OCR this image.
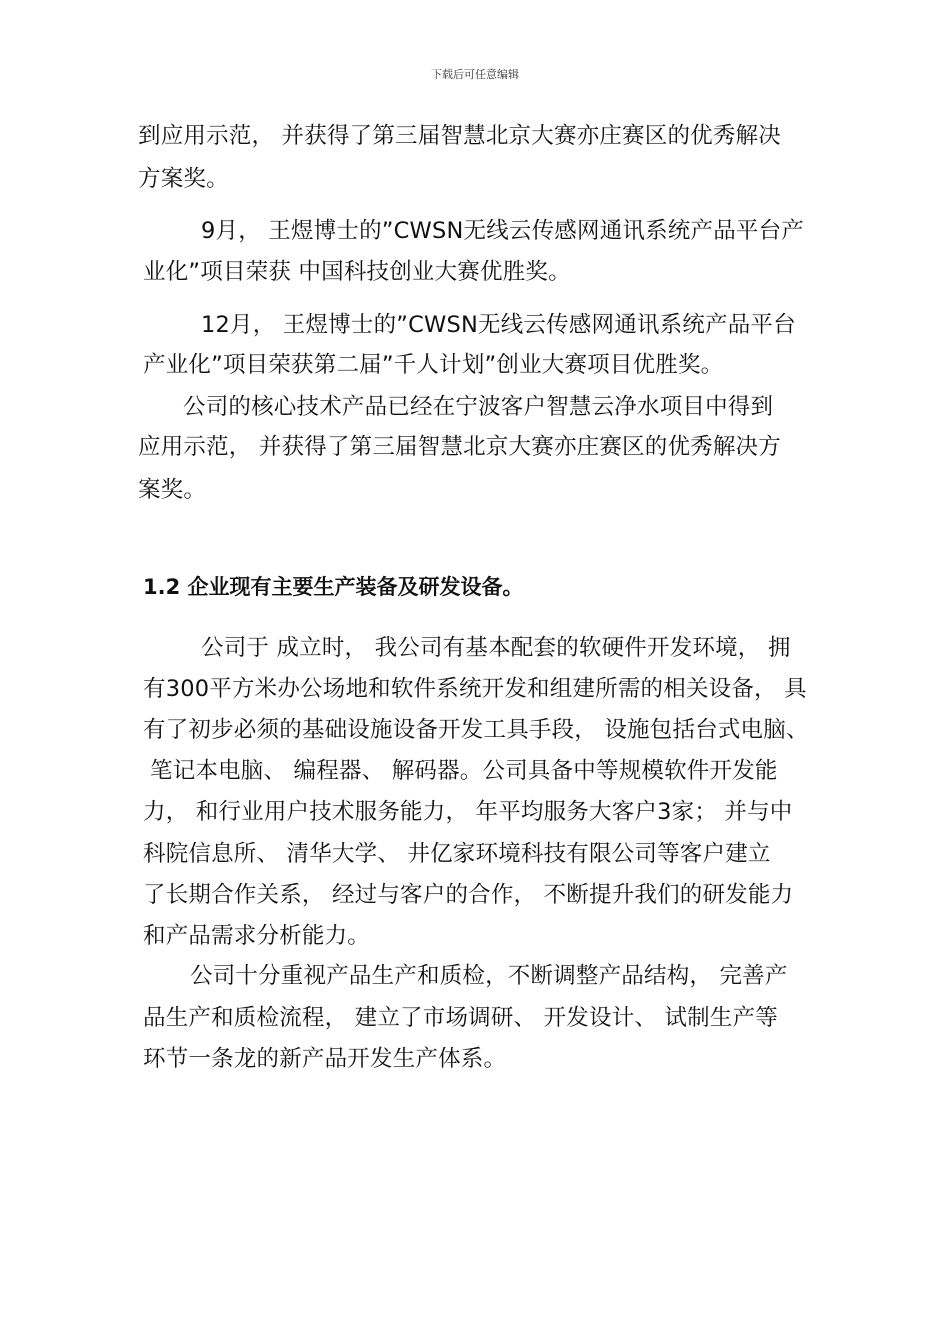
下载后可任意编辑
到应用示范， 并获得了第三届智慧北京大赛亦庄赛区的优秀解决
方案奖。
9月， 王煜博士的”CWSN无线云传感网通讯系统产品平台产
业化”项目荣获 中国科技创业大赛优胜奖。
12月， 王煜博士的”CWSN无线云传感网通讯系统产品平台
产业化”项目荣获第二届”千人计划”创业大赛项目优胜奖。
公司的核心技术产品已经在宁波客户智慧云净水项目中得到
应用示范， 并获得了第三届智慧北京大赛亦庄赛区的优秀解决方
案奖。
1.2 企业现有主要生产装备及研发设备。
公司于 成立时， 我公司有基本配套的软硬件开发环境， 拥
有300平方米办公场地和软件系统开发和组建所需的相关设备， 具
有了初步必须的基础设施设备开发工具手段， 设施包括台式电脑、
笔记本电脑、 编程器、 解码器。公司具备中等规模软件开发能
力， 和行业用户技术服务能力， 年平均服务大客户3家； 并与中
科院信息所、 清华大学、 井亿家环境科技有限公司等客户建立
了长期合作关系， 经过与客户的合作， 不断提升我们的研发能力
和产品需求分析能力。
公司十分重视产品生产和质检，不断调整产品结构， 完善产
品生产和质检流程， 建立了市场调研、 开发设计、 试制生产等
环节一条龙的新产品开发生产体系。
